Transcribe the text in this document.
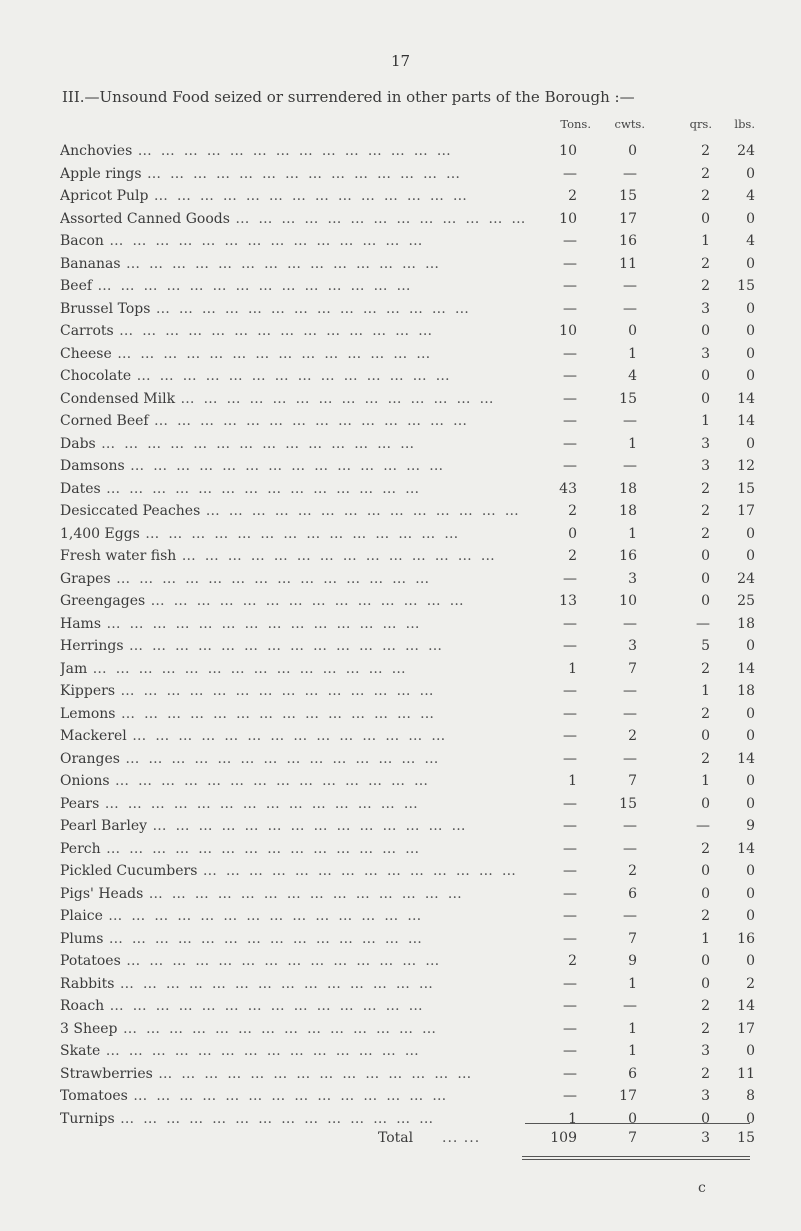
17
III.—Unsound Food seized or surrendered in other parts of the Borough :—
Tons.	cwts.	qrs.	lbs.
Anchovies … … … … … … … … … … … … … …	10	0	2	24
Apple rings … … … … … … … … … … … … … …	—	—	2	0
Apricot Pulp … … … … … … … … … … … … … …	2	15	2	4
Assorted Canned Goods … … … … … … … … … … … … … …	10	17	0	0
Bacon … … … … … … … … … … … … … …	—	16	1	4
Bananas … … … … … … … … … … … … … …	—	11	2	0
Beef … … … … … … … … … … … … … …	—	—	2	15
Brussel Tops … … … … … … … … … … … … … …	—	—	3	0
Carrots … … … … … … … … … … … … … …	10	0	0	0
Cheese … … … … … … … … … … … … … …	—	1	3	0
Chocolate … … … … … … … … … … … … … …	—	4	0	0
Condensed Milk … … … … … … … … … … … … … …	—	15	0	14
Corned Beef … … … … … … … … … … … … … …	—	—	1	14
Dabs … … … … … … … … … … … … … …	—	1	3	0
Damsons … … … … … … … … … … … … … …	—	—	3	12
Dates … … … … … … … … … … … … … …	43	18	2	15
Desiccated Peaches … … … … … … … … … … … … … …	2	18	2	17
1,400 Eggs … … … … … … … … … … … … … …	0	1	2	0
Fresh water fish … … … … … … … … … … … … … …	2	16	0	0
Grapes … … … … … … … … … … … … … …	—	3	0	24
Greengages … … … … … … … … … … … … … …	13	10	0	25
Hams … … … … … … … … … … … … … …	—	—	—	18
Herrings … … … … … … … … … … … … … …	—	3	5	0
Jam … … … … … … … … … … … … … …	1	7	2	14
Kippers … … … … … … … … … … … … … …	—	—	1	18
Lemons … … … … … … … … … … … … … …	—	—	2	0
Mackerel … … … … … … … … … … … … … …	—	2	0	0
Oranges … … … … … … … … … … … … … …	—	—	2	14
Onions … … … … … … … … … … … … … …	1	7	1	0
Pears … … … … … … … … … … … … … …	—	15	0	0
Pearl Barley … … … … … … … … … … … … … …	—	—	—	9
Perch … … … … … … … … … … … … … …	—	—	2	14
Pickled Cucumbers … … … … … … … … … … … … … …	—	2	0	0
Pigs' Heads … … … … … … … … … … … … … …	—	6	0	0
Plaice … … … … … … … … … … … … … …	—	—	2	0
Plums … … … … … … … … … … … … … …	—	7	1	16
Potatoes … … … … … … … … … … … … … …	2	9	0	0
Rabbits … … … … … … … … … … … … … …	—	1	0	2
Roach … … … … … … … … … … … … … …	—	—	2	14
3 Sheep … … … … … … … … … … … … … …	—	1	2	17
Skate … … … … … … … … … … … … … …	—	1	3	0
Strawberries … … … … … … … … … … … … … …	—	6	2	11
Tomatoes … … … … … … … … … … … … … …	—	17	3	8
Turnips … … … … … … … … … … … … … …	1	0	0	0
Total ... ...	109	7	3	15
c
